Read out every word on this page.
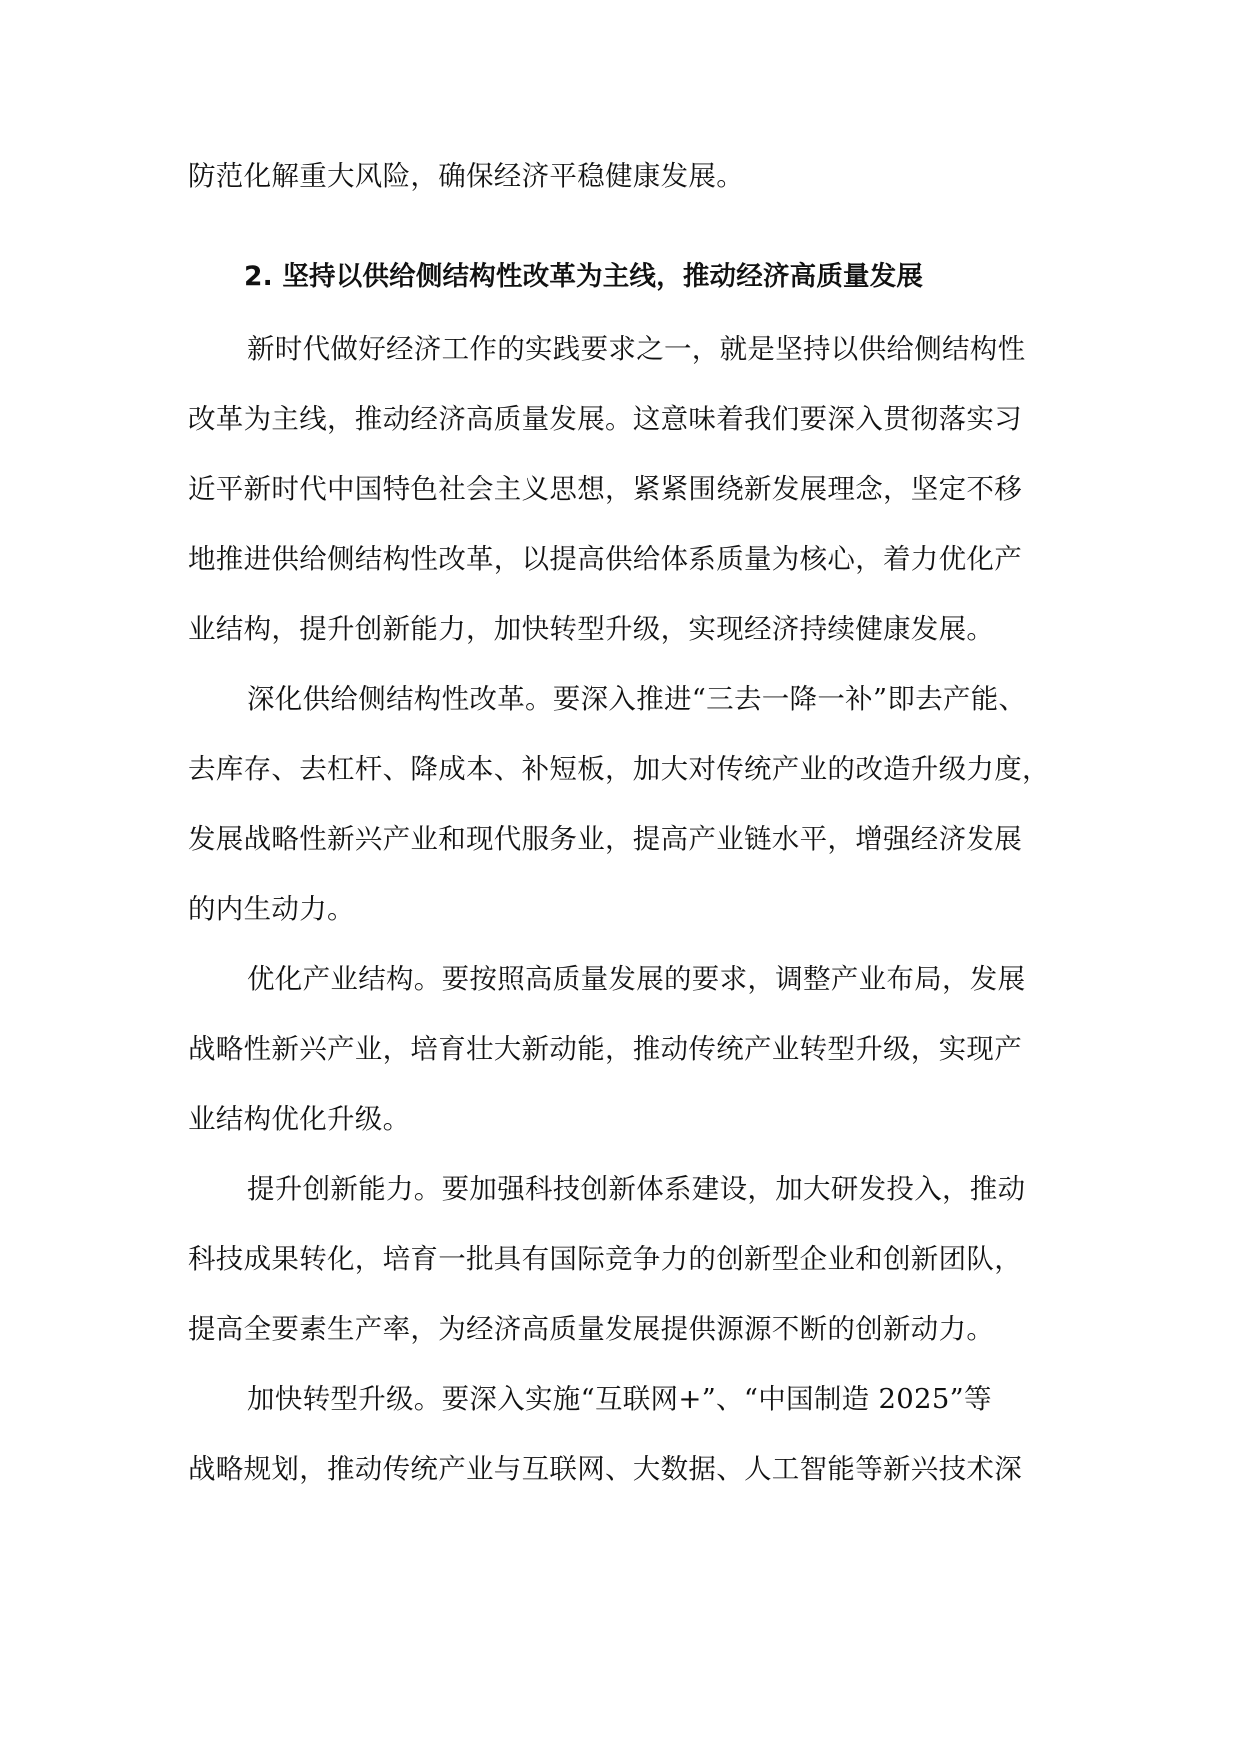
防范化解重大风险，确保经济平稳健康发展。
2. 坚持以供给侧结构性改革为主线，推动经济高质量发展
新时代做好经济工作的实践要求之一，就是坚持以供给侧结构性
改革为主线，推动经济高质量发展。这意味着我们要深入贯彻落实习
近平新时代中国特色社会主义思想，紧紧围绕新发展理念，坚定不移
地推进供给侧结构性改革，以提高供给体系质量为核心，着力优化产
业结构，提升创新能力，加快转型升级，实现经济持续健康发展。
深化供给侧结构性改革。要深入推进“三去一降一补”即去产能、
去库存、去杠杆、降成本、补短板，加大对传统产业的改造升级力度，
发展战略性新兴产业和现代服务业，提高产业链水平，增强经济发展
的内生动力。
优化产业结构。要按照高质量发展的要求，调整产业布局，发展
战略性新兴产业，培育壮大新动能，推动传统产业转型升级，实现产
业结构优化升级。
提升创新能力。要加强科技创新体系建设，加大研发投入，推动
科技成果转化，培育一批具有国际竞争力的创新型企业和创新团队，
提高全要素生产率，为经济高质量发展提供源源不断的创新动力。
加快转型升级。要深入实施“互联网+”、“中国制造 2025”等
战略规划，推动传统产业与互联网、大数据、人工智能等新兴技术深
